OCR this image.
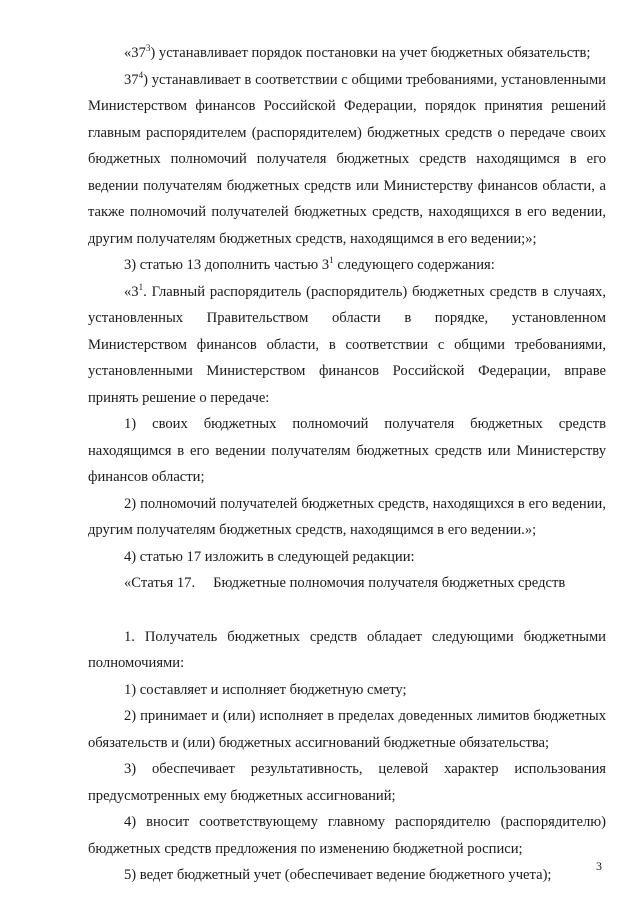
«$37^3$) устанавливает порядок постановки на учет бюджетных обязательств;

$37^4$) устанавливает в соответствии с общими требованиями, установленными Министерством финансов Российской Федерации, порядок принятия решений главным распорядителем (распорядителем) бюджетных средств о передаче своих бюджетных полномочий получателя бюджетных средств находящимся в его ведении получателям бюджетных средств или Министерству финансов области, а также полномочий получателей бюджетных средств, находящихся в его ведении, другим получателям бюджетных средств, находящимся в его ведении;»;

3) статью 13 дополнить частью $3^1$ следующего содержания:

«$3^1$. Главный распорядитель (распорядитель) бюджетных средств в случаях, установленных Правительством области в порядке, установленном Министерством финансов области, в соответствии с общими требованиями, установленными Министерством финансов Российской Федерации, вправе принять решение о передаче:

1) своих бюджетных полномочий получателя бюджетных средств находящимся в его ведении получателям бюджетных средств или Министерству финансов области;

2) полномочий получателей бюджетных средств, находящихся в его ведении, другим получателям бюджетных средств, находящимся в его ведении.»;

4) статью 17 изложить в следующей редакции:

«Статья 17. Бюджетные полномочия получателя бюджетных средств

1. Получатель бюджетных средств обладает следующими бюджетными полномочиями:

1) составляет и исполняет бюджетную смету;

2) принимает и (или) исполняет в пределах доведенных лимитов бюджетных обязательств и (или) бюджетных ассигнований бюджетные обязательства;

3) обеспечивает результативность, целевой характер использования предусмотренных ему бюджетных ассигнований;

4) вносит соответствующему главному распорядителю (распорядителю) бюджетных средств предложения по изменению бюджетной росписи;

5) ведет бюджетный учет (обеспечивает ведение бюджетного учета);

3
